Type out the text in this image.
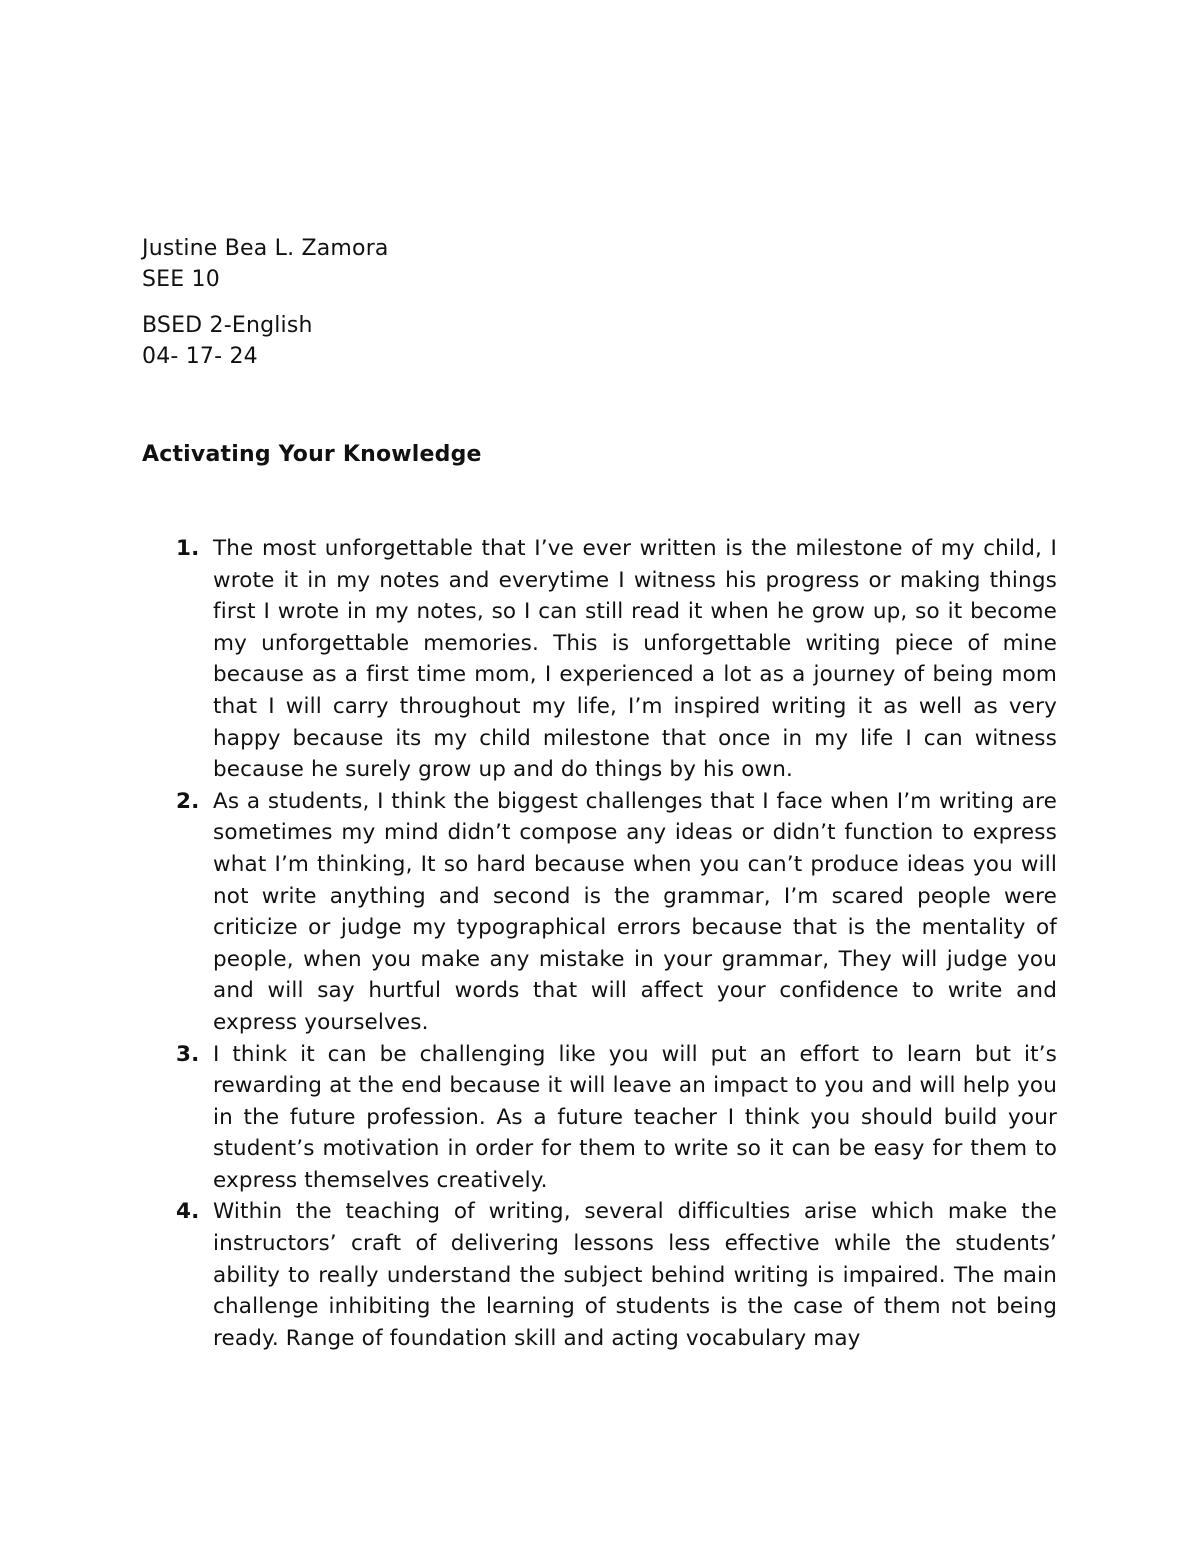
Justine Bea L. Zamora
SEE 10
BSED 2-English
04- 17- 24
Activating Your Knowledge
1. The most unforgettable that I’ve ever written is the milestone of my child, I wrote it in my notes and everytime I witness his progress or making things first I wrote in my notes, so I can still read it when he grow up, so it become my unforgettable memories. This is unforgettable writing piece of mine because as a first time mom, I experienced a lot as a journey of being mom that I will carry throughout my life, I’m inspired writing it as well as very happy because its my child milestone that once in my life I can witness because he surely grow up and do things by his own.
2. As a students, I think the biggest challenges that I face when I’m writing are sometimes my mind didn’t compose any ideas or didn’t function to express what I’m thinking, It so hard because when you can’t produce ideas you will not write anything and second is the grammar, I’m scared people were criticize or judge my typographical errors because that is the mentality of people, when you make any mistake in your grammar, They will judge you and will say hurtful words that will affect your confidence to write and express yourselves.
3. I think it can be challenging like you will put an effort to learn but it’s rewarding at the end because it will leave an impact to you and will help you in the future profession. As a future teacher I think you should build your student’s motivation in order for them to write so it can be easy for them to express themselves creatively.
4. Within the teaching of writing, several difficulties arise which make the instructors’ craft of delivering lessons less effective while the students’ ability to really understand the subject behind writing is impaired. The main challenge inhibiting the learning of students is the case of them not being ready. Range of foundation skill and acting vocabulary may
